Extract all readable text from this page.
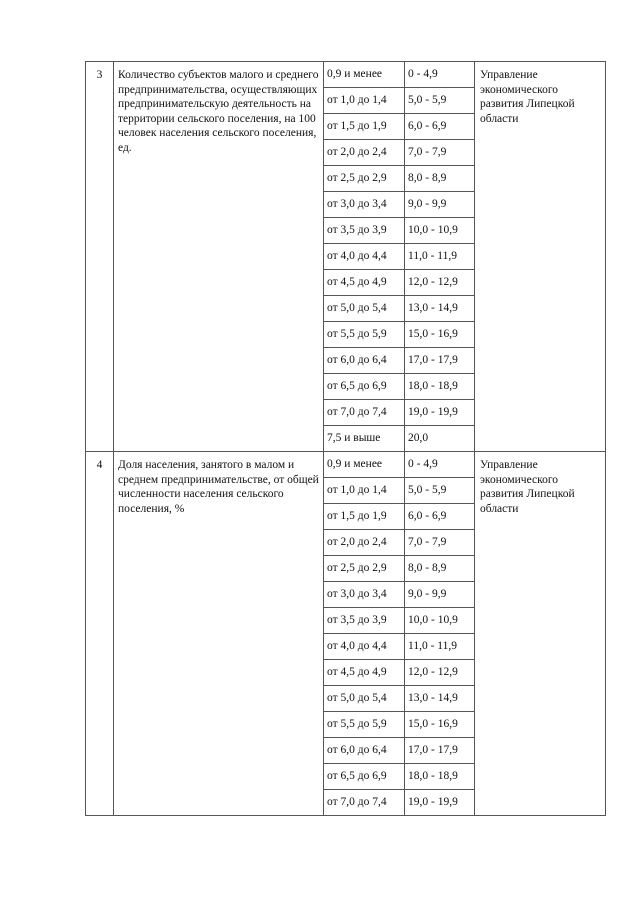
3	Количество субъектов малого и среднего предпринимательства, осуществляющих предпринимательскую деятельность на территории сельского поселения, на 100 человек населения сельского поселения, ед.	0,9 и менее	0 - 4,9	Управление экономического развития Липецкой области
		от 1,0 до 1,4	5,0 - 5,9	
		от 1,5 до 1,9	6,0 - 6,9	
		от 2,0 до 2,4	7,0 - 7,9	
		от 2,5 до 2,9	8,0 - 8,9	
		от 3,0 до 3,4	9,0 - 9,9	
		от 3,5 до 3,9	10,0 - 10,9	
		от 4,0 до 4,4	11,0 - 11,9	
		от 4,5 до 4,9	12,0 - 12,9	
		от 5,0 до 5,4	13,0 - 14,9	
		от 5,5 до 5,9	15,0 - 16,9	
		от 6,0 до 6,4	17,0 - 17,9	
		от 6,5 до 6,9	18,0 - 18,9	
		от 7,0 до 7,4	19,0 - 19,9	
		7,5 и выше	20,0	
4	Доля населения, занятого в малом и среднем предпринимательстве, от общей численности населения сельского поселения, %	0,9 и менее	0 - 4,9	Управление экономического развития Липецкой области
		от 1,0 до 1,4	5,0 - 5,9	
		от 1,5 до 1,9	6,0 - 6,9	
		от 2,0 до 2,4	7,0 - 7,9	
		от 2,5 до 2,9	8,0 - 8,9	
		от 3,0 до 3,4	9,0 - 9,9	
		от 3,5 до 3,9	10,0 - 10,9	
		от 4,0 до 4,4	11,0 - 11,9	
		от 4,5 до 4,9	12,0 - 12,9	
		от 5,0 до 5,4	13,0 - 14,9	
		от 5,5 до 5,9	15,0 - 16,9	
		от 6,0 до 6,4	17,0 - 17,9	
		от 6,5 до 6,9	18,0 - 18,9	
		от 7,0 до 7,4	19,0 - 19,9	
